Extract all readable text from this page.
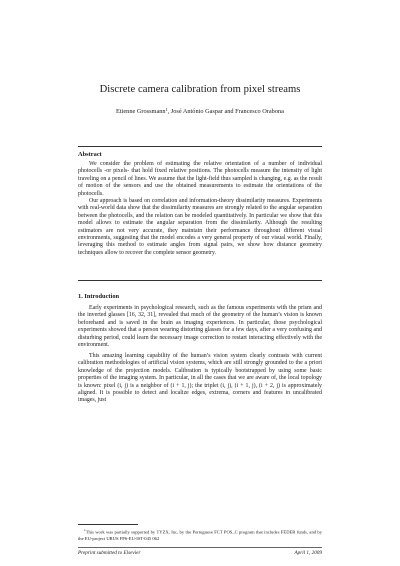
Discrete camera calibration from pixel streams
Etienne Grossmann$^1$, José António Gaspar and Francesco Orabona
Abstract

We consider the problem of estimating the relative orientation of a number of individual photocells -or pixels- that hold fixed relative positions. The photocells measure the intensity of light traveling on a pencil of lines. We assume that the light-field thus sampled is changing, e.g. as the result of motion of the sensors and use the obtained measurements to estimate the orientations of the photocells.

Our approach is based on correlation and information-theory dissimilarity measures. Experiments with real-world data show that the dissimilarity measures are strongly related to the angular separation between the photocells, and the relation can be modeled quantitatively. In particular we show that this model allows to estimate the angular separation from the dissimilarity. Although the resulting estimators are not very accurate, they maintain their performance throughout different visual environments, suggesting that the model encodes a very general property of our visual world. Finally, leveraging this method to estimate angles from signal pairs, we show how distance geometry techniques allow to recover the complete sensor geometry.

1. Introduction

Early experiments in psychological research, such as the famous experiments with the prism and the inverted glasses [16, 32, 31], revealed that much of the geometry of the human’s vision is known beforehand and is saved in the brain as imaging experiences. In particular, those psychological experiments showed that a person wearing distorting glasses for a few days, after a very confusing and disturbing period, could learn the necessary image correction to restart interacting effectively with the environment.

This amazing learning capability of the human’s vision system clearly contrasts with current calibration methodologies of artificial vision systems, which are still strongly grounded to the a priori knowledge of the projection models. Calibration is typically bootstrapped by using some basic properties of the imaging system. In particular, in all the cases that we are aware of, the local topology is known: pixel (i, j) is a neighbor of (i + 1, j); the triplet (i, j), (i + 1, j), (i + 2, j) is approximately aligned. It is possible to detect and localize edges, extrema, corners and features in uncalibrated images, just

$^1$This work was partially supported by TYZX, Inc, by the Portuguese FCT POS_C program that includes FEDER funds, and by the EU-project URUS FP6-EU-IST-045 062

Preprint submitted to Elsevier	April 1, 2009
